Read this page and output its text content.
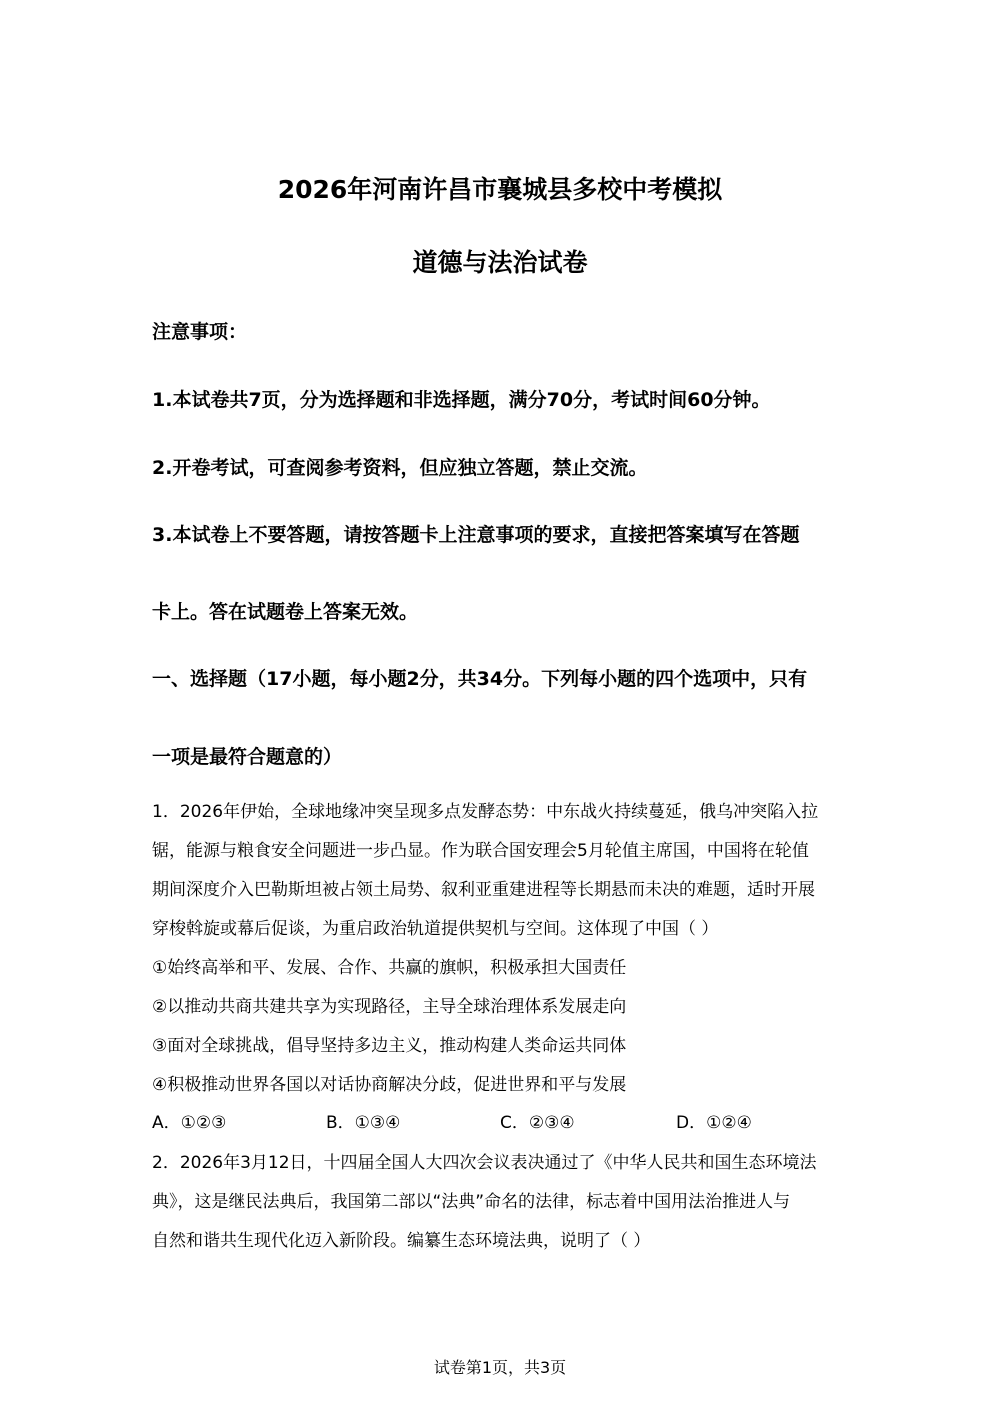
2026年河南许昌市襄城县多校中考模拟
道德与法治试卷
注意事项：
1.本试卷共7页，分为选择题和非选择题，满分70分，考试时间60分钟。
2.开卷考试，可查阅参考资料，但应独立答题，禁止交流。
3.本试卷上不要答题，请按答题卡上注意事项的要求，直接把答案填写在答题
卡上。答在试题卷上答案无效。
一、选择题（17小题，每小题2分，共34分。下列每小题的四个选项中，只有
一项是最符合题意的）
1．2026年伊始，全球地缘冲突呈现多点发酵态势：中东战火持续蔓延，俄乌冲突陷入拉
锯，能源与粮食安全问题进一步凸显。作为联合国安理会5月轮值主席国，中国将在轮值
期间深度介入巴勒斯坦被占领土局势、叙利亚重建进程等长期悬而未决的难题，适时开展
穿梭斡旋或幕后促谈，为重启政治轨道提供契机与空间。这体现了中国（ ）
①始终高举和平、发展、合作、共赢的旗帜，积极承担大国责任
②以推动共商共建共享为实现路径，主导全球治理体系发展走向
③面对全球挑战，倡导坚持多边主义，推动构建人类命运共同体
④积极推动世界各国以对话协商解决分歧，促进世界和平与发展
A．①②③	B．①③④	C．②③④	D．①②④
2．2026年3月12日，十四届全国人大四次会议表决通过了《中华人民共和国生态环境法
典》，这是继民法典后，我国第二部以“法典”命名的法律，标志着中国用法治推进人与
自然和谐共生现代化迈入新阶段。编纂生态环境法典，说明了（ ）
试卷第1页，共3页
